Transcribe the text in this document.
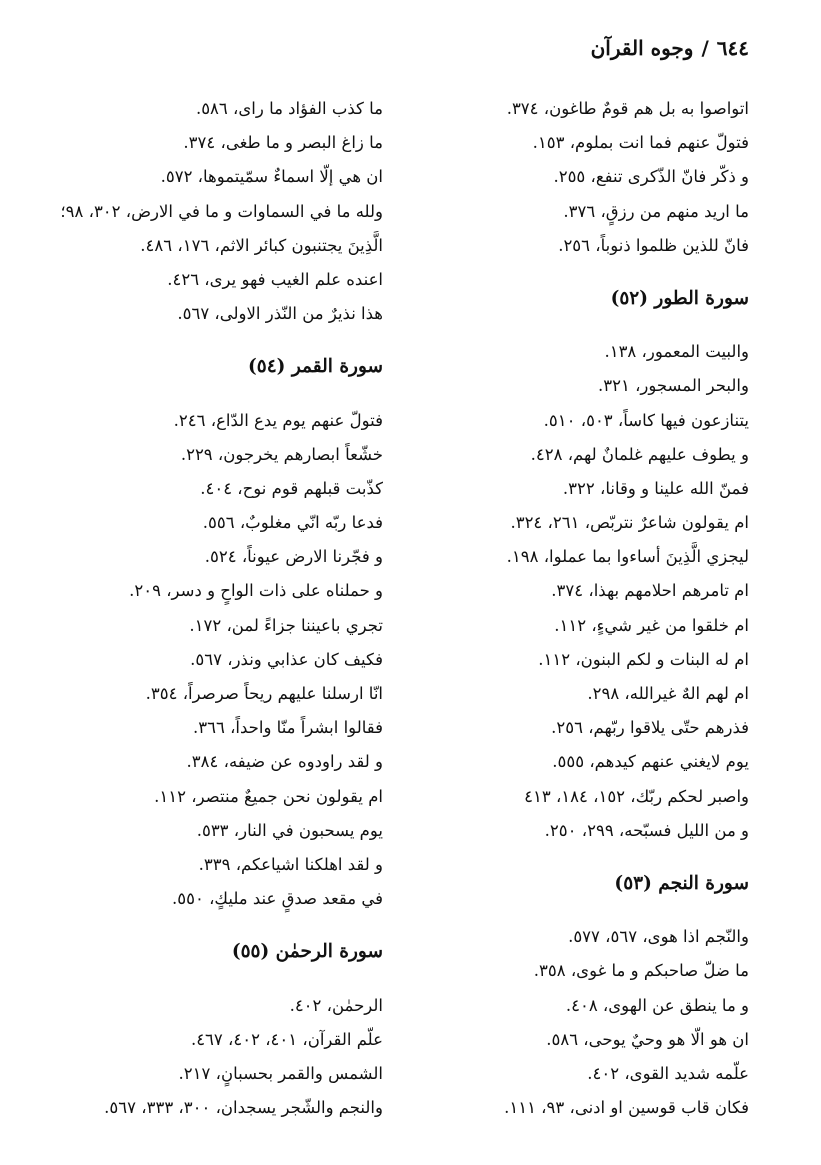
٦٤٤/وجوه القرآن
اتواصوا به بل هم قومٌ طاغون، ٣٧٤.
فتولّ عنهم فما انت بملوم، ١٥٣.
و ذكّر فانّ الذّكرى تنفع، ٢٥٥.
ما اريد منهم من رزقٍ، ٣٧٦.
فانّ للذين ظلموا ذنوباً، ٢٥٦.
سورة الطور (٥٢)
والبيت المعمور، ١٣٨.
والبحر المسجور، ٣٢١.
يتنازعون فيها كاساً، ٥٠٣، ٥١٠.
و يطوف عليهم غلمانٌ لهم، ٤٢٨.
فمنّ الله علينا و وقانا، ٣٢٢.
ام يقولون شاعرٌ نتربّص، ٢٦١، ٣٢٤.
ليجزي الَّذِينَ أساءوا بما عملوا، ١٩٨.
ام تامرهم احلامهم بهذا، ٣٧٤.
ام خلقوا من غير شيءٍ، ١١٢.
ام له البنات و لكم البنون، ١١٢.
ام لهم الهٌ غيرالله، ٢٩٨.
فذرهم حتّى يلاقوا ربّهم، ٢٥٦.
يوم لايغني عنهم كيدهم، ٥٥٥.
واصبر لحكم ربّك، ١٥٢، ١٨٤، ٤١٣
و من الليل فسبّحه، ٢٩٩، ٢٥٠.
سورة النجم (٥٣)
والنّجم اذا هوى، ٥٦٧، ٥٧٧.
ما ضلّ صاحبكم و ما غوى، ٣٥٨.
و ما ينطق عن الهوى، ٤٠٨.
ان هو الّا هو وحيٌ يوحى، ٥٨٦.
علّمه شديد القوى، ٤٠٢.
فكان قاب قوسين او ادنى، ٩٣، ١١١.
ما كذب الفؤاد ما راى، ٥٨٦.
ما زاغ البصر و ما طغى، ٣٧٤.
ان هي إلّا اسماءٌ سمّيتموها، ٥٧٢.
ولله ما في السماوات و ما في الارض، ٣٠٢، ٩٨؛
الَّذِينَ يجتنبون كبائر الاثم، ١٧٦، ٤٨٦.
اعنده علم الغيب فهو يرى، ٤٢٦.
هذا نذيرٌ من النّذر الاولى، ٥٦٧.
سورة القمر (٥٤)
فتولّ عنهم يوم يدع الدّاع، ٢٤٦.
خشّعاً ابصارهم يخرجون، ٢٢٩.
كذّبت قبلهم قوم نوح، ٤٠٤.
فدعا ربّه انّي مغلوبٌ، ٥٥٦.
و فجّرنا الارض عيوناً، ٥٢٤.
و حملناه على ذات الواحٍ و دسر، ٢٠٩.
تجري باعيننا جزاءً لمن، ١٧٢.
فكيف كان عذابي ونذر، ٥٦٧.
انّا ارسلنا عليهم ريحاً صرصراً، ٣٥٤.
فقالوا ابشراً منّا واحداً، ٣٦٦.
و لقد راودوه عن ضيفه، ٣٨٤.
ام يقولون نحن جميعٌ منتصر، ١١٢.
يوم يسحبون في النار، ٥٣٣.
و لقد اهلكنا اشياعكم، ٣٣٩.
في مقعد صدقٍ عند مليكٍ، ٥٥٠.
سورة الرحمٰن (٥٥)
الرحمٰن، ٤٠٢.
علّم القرآن، ٤٠١، ٤٠٢، ٤٦٧.
الشمس والقمر بحسبانٍ، ٢١٧.
والنجم والشّجر يسجدان، ٣٠٠، ٣٣٣، ٥٦٧.
